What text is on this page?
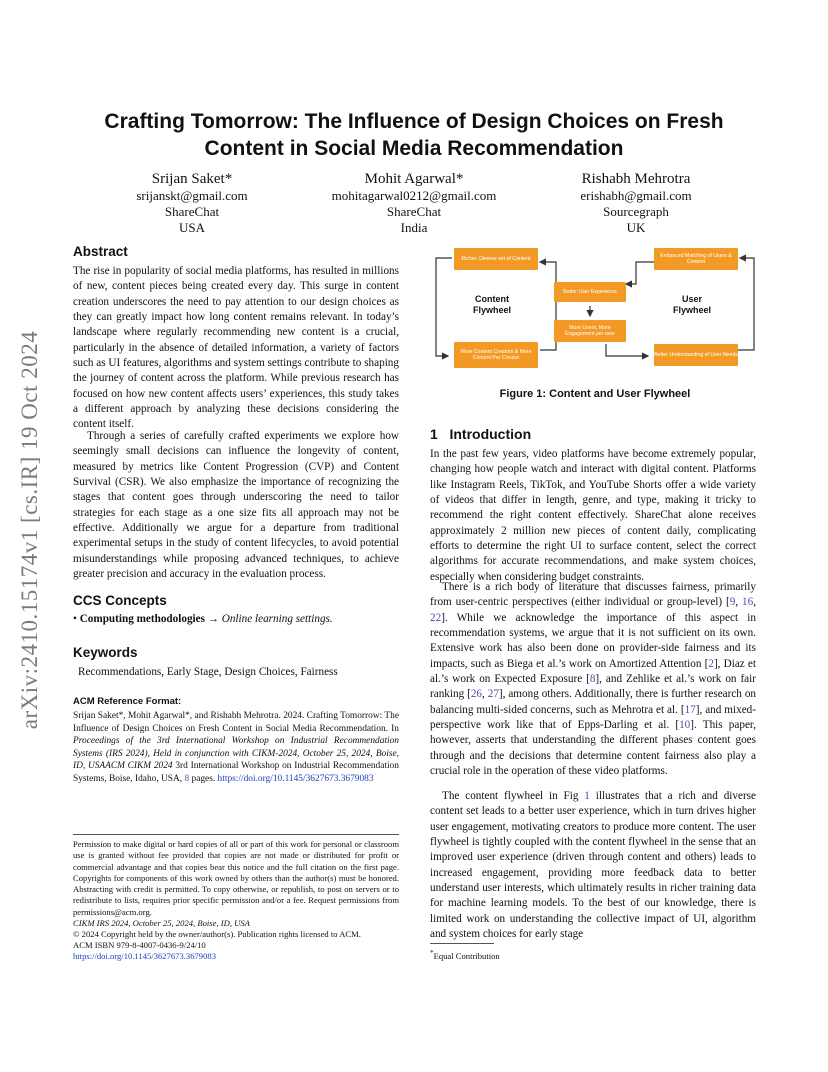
arXiv:2410.15174v1 [cs.IR] 19 Oct 2024
Crafting Tomorrow: The Influence of Design Choices on Fresh
Content in Social Media Recommendation
Srijan Saket*
srijanskt@gmail.com
ShareChat
USA
Mohit Agarwal*
mohitagarwal0212@gmail.com
ShareChat
India
Rishabh Mehrotra
erishabh@gmail.com
Sourcegraph
UK
Abstract
The rise in popularity of social media platforms, has resulted in millions of new, content pieces being created every day. This surge in content creation underscores the need to pay attention to our design choices as they can greatly impact how long content remains relevant. In today’s landscape where regularly recommending new content is a crucial, particularly in the absence of detailed information, a variety of factors such as UI features, algorithms and system settings contribute to shaping the journey of content across the platform. While previous research has focused on how new content affects users’ experiences, this study takes a different approach by analyzing these decisions considering the content itself.
Through a series of carefully crafted experiments we explore how seemingly small decisions can influence the longevity of content, measured by metrics like Content Progression (CVP) and Content Survival (CSR). We also emphasize the importance of recognizing the stages that content goes through underscoring the need to tailor strategies for each stage as a one size fits all approach may not be effective. Additionally we argue for a departure from traditional experimental setups in the study of content lifecycles, to avoid potential misunderstandings while proposing advanced techniques, to achieve greater precision and accuracy in the evaluation process.
CCS Concepts
• Computing methodologies → Online learning settings.
Keywords
Recommendations, Early Stage, Design Choices, Fairness
ACM Reference Format:
Srijan Saket*, Mohit Agarwal*, and Rishabh Mehrotra. 2024. Crafting Tomorrow: The Influence of Design Choices on Fresh Content in Social Media Recommendation. In Proceedings of the 3rd International Workshop on Industrial Recommendation Systems (IRS 2024), Held in conjunction with CIKM-2024, October 25, 2024, Boise, ID, USAACM CIKM 2024 3rd International Workshop on Industrial Recommendation Systems, Boise, Idaho, USA, 8 pages. https://doi.org/10.1145/3627673.3679083
Permission to make digital or hard copies of all or part of this work for personal or classroom use is granted without fee provided that copies are not made or distributed for profit or commercial advantage and that copies bear this notice and the full citation on the first page. Copyrights for components of this work owned by others than the author(s) must be honored. Abstracting with credit is permitted. To copy otherwise, or republish, to post on servers or to redistribute to lists, requires prior specific permission and/or a fee. Request permissions from permissions@acm.org.
CIKM IRS 2024, October 25, 2024, Boise, ID, USA
© 2024 Copyright held by the owner/author(s). Publication rights licensed to ACM.
ACM ISBN 979-8-4007-0436-9/24/10
https://doi.org/10.1145/3627673.3679083
Richer, Diverse set of Content	Enhanced Matching of Users & Content
Better User Experience
More Users, More Engagement per user
More Content Creators & More Content Per Creator	Better Understanding of User Needs
Content
Flywheel
User
Flywheel
Figure 1: Content and User Flywheel
1 Introduction
In the past few years, video platforms have become extremely popular, changing how people watch and interact with digital content. Platforms like Instagram Reels, TikTok, and YouTube Shorts offer a wide variety of videos that differ in length, genre, and type, making it tricky to recommend the right content effectively. ShareChat alone receives approximately 2 million new pieces of content daily, complicating efforts to determine the right UI to surface content, select the correct algorithms for accurate recommendations, and make system choices, especially when considering budget constraints.
There is a rich body of literature that discusses fairness, primarily from user-centric perspectives (either individual or group-level) [9, 16, 22]. While we acknowledge the importance of this aspect in recommendation systems, we argue that it is not sufficient on its own. Extensive work has also been done on provider-side fairness and its impacts, such as Biega et al.’s work on Amortized Attention [2], Diaz et al.’s work on Expected Exposure [8], and Zehlike et al.’s work on fair ranking [26, 27], among others. Additionally, there is further research on balancing multi-sided concerns, such as Mehrotra et al. [17], and mixed-perspective work like that of Epps-Darling et al. [10]. This paper, however, asserts that understanding the different phases content goes through and the decisions that determine content fairness also play a crucial role in the operation of these video platforms.
The content flywheel in Fig 1 illustrates that a rich and diverse content set leads to a better user experience, which in turn drives higher user engagement, motivating creators to produce more content. The user flywheel is tightly coupled with the content flywheel in the sense that an improved user experience (driven through content and others) leads to increased engagement, providing more feedback data to better understand user interests, which ultimately results in richer training data for machine learning models. To the best of our knowledge, there is limited work on understanding the collective impact of UI, algorithm and system choices for early stage
*Equal Contribution
